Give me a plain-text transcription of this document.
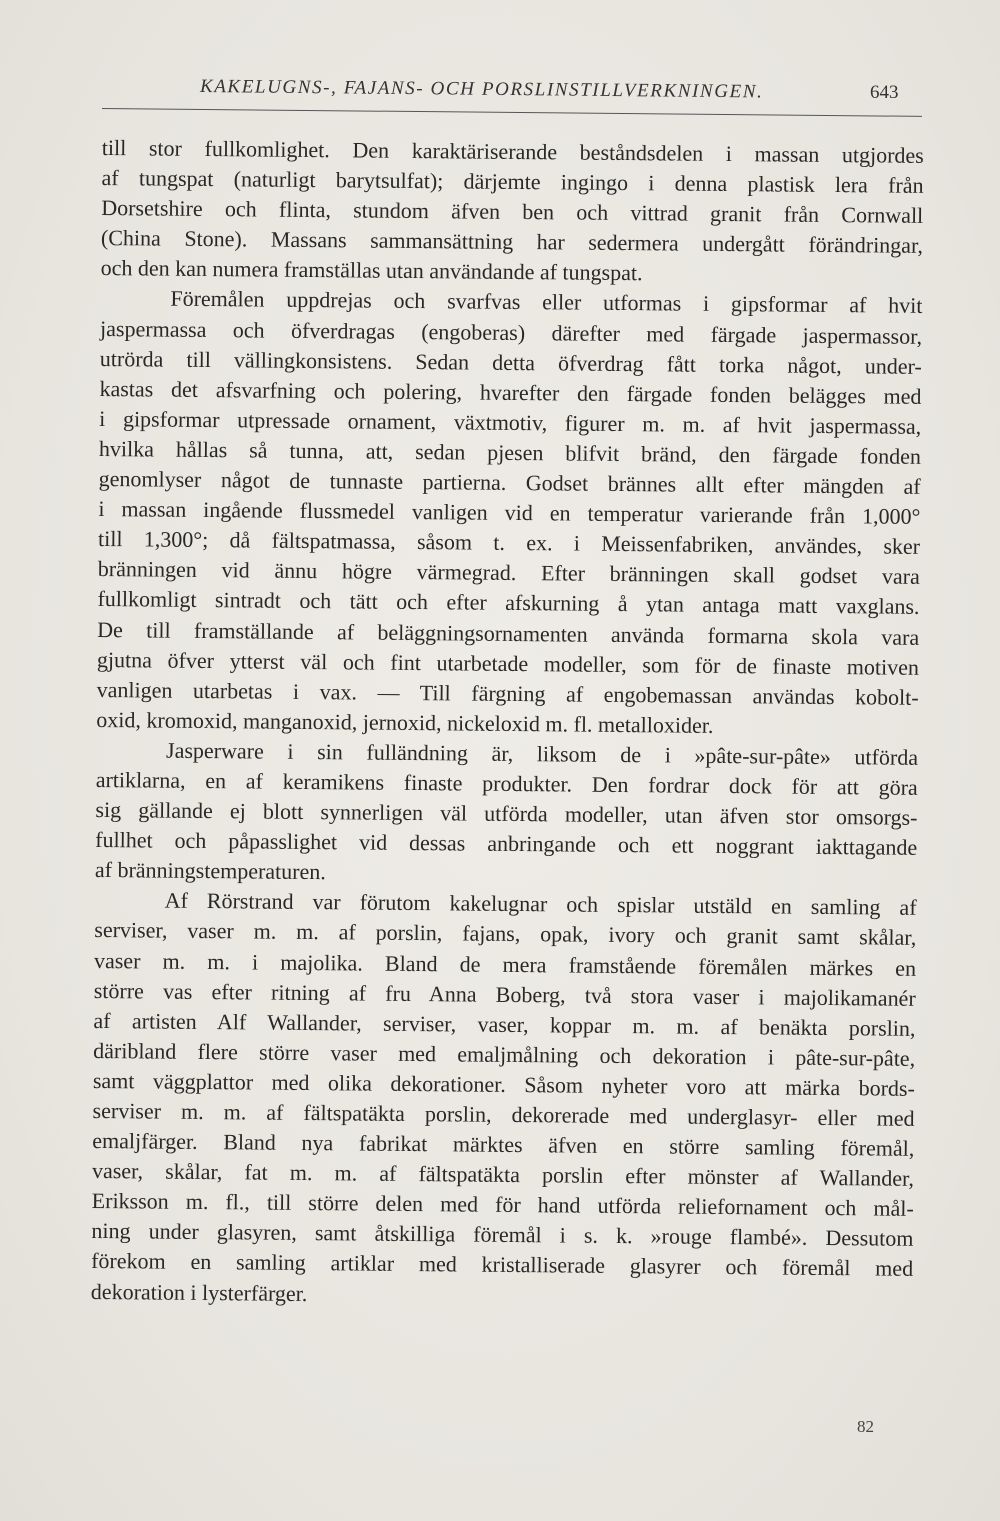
KAKELUGNS-, FAJANS- OCH PORSLINSTILLVERKNINGEN.	643
till stor fullkomlighet. Den karaktäriserande beståndsdelen i massan utgjordes
af tungspat (naturligt barytsulfat); därjemte ingingo i denna plastisk lera från
Dorsetshire och flinta, stundom äfven ben och vittrad granit från Cornwall
(China Stone). Massans sammansättning har sedermera undergått förändringar,
och den kan numera framställas utan användande af tungspat.
Föremålen uppdrejas och svarfvas eller utformas i gipsformar af hvit
jaspermassa och öfverdragas (engoberas) därefter med färgade jaspermassor,
utrörda till vällingkonsistens. Sedan detta öfverdrag fått torka något, under-
kastas det afsvarfning och polering, hvarefter den färgade fonden belägges med
i gipsformar utpressade ornament, växtmotiv, figurer m. m. af hvit jaspermassa,
hvilka hållas så tunna, att, sedan pjesen blifvit bränd, den färgade fonden
genomlyser något de tunnaste partierna. Godset brännes allt efter mängden af
i massan ingående flussmedel vanligen vid en temperatur varierande från 1,000°
till 1,300°; då fältspatmassa, såsom t. ex. i Meissenfabriken, användes, sker
bränningen vid ännu högre värmegrad. Efter bränningen skall godset vara
fullkomligt sintradt och tätt och efter afskurning å ytan antaga matt vaxglans.
De till framställande af beläggningsornamenten använda formarna skola vara
gjutna öfver ytterst väl och fint utarbetade modeller, som för de finaste motiven
vanligen utarbetas i vax. — Till färgning af engobemassan användas kobolt-
oxid, kromoxid, manganoxid, jernoxid, nickeloxid m. fl. metalloxider.
Jasperware i sin fulländning är, liksom de i »pâte-sur-pâte» utförda
artiklarna, en af keramikens finaste produkter. Den fordrar dock för att göra
sig gällande ej blott synnerligen väl utförda modeller, utan äfven stor omsorgs-
fullhet och påpasslighet vid dessas anbringande och ett noggrant iakttagande
af bränningstemperaturen.
Af Rörstrand var förutom kakelugnar och spislar utstäld en samling af
serviser, vaser m. m. af porslin, fajans, opak, ivory och granit samt skålar,
vaser m. m. i majolika. Bland de mera framstående föremålen märkes en
större vas efter ritning af fru Anna Boberg, två stora vaser i majolikamanér
af artisten Alf Wallander, serviser, vaser, koppar m. m. af benäkta porslin,
däribland flere större vaser med emaljmålning och dekoration i pâte-sur-pâte,
samt väggplattor med olika dekorationer. Såsom nyheter voro att märka bords-
serviser m. m. af fältspatäkta porslin, dekorerade med underglasyr- eller med
emaljfärger. Bland nya fabrikat märktes äfven en större samling föremål,
vaser, skålar, fat m. m. af fältspatäkta porslin efter mönster af Wallander,
Eriksson m. fl., till större delen med för hand utförda reliefornament och mål-
ning under glasyren, samt åtskilliga föremål i s. k. »rouge flambé». Dessutom
förekom en samling artiklar med kristalliserade glasyrer och föremål med
dekoration i lysterfärger.
82
